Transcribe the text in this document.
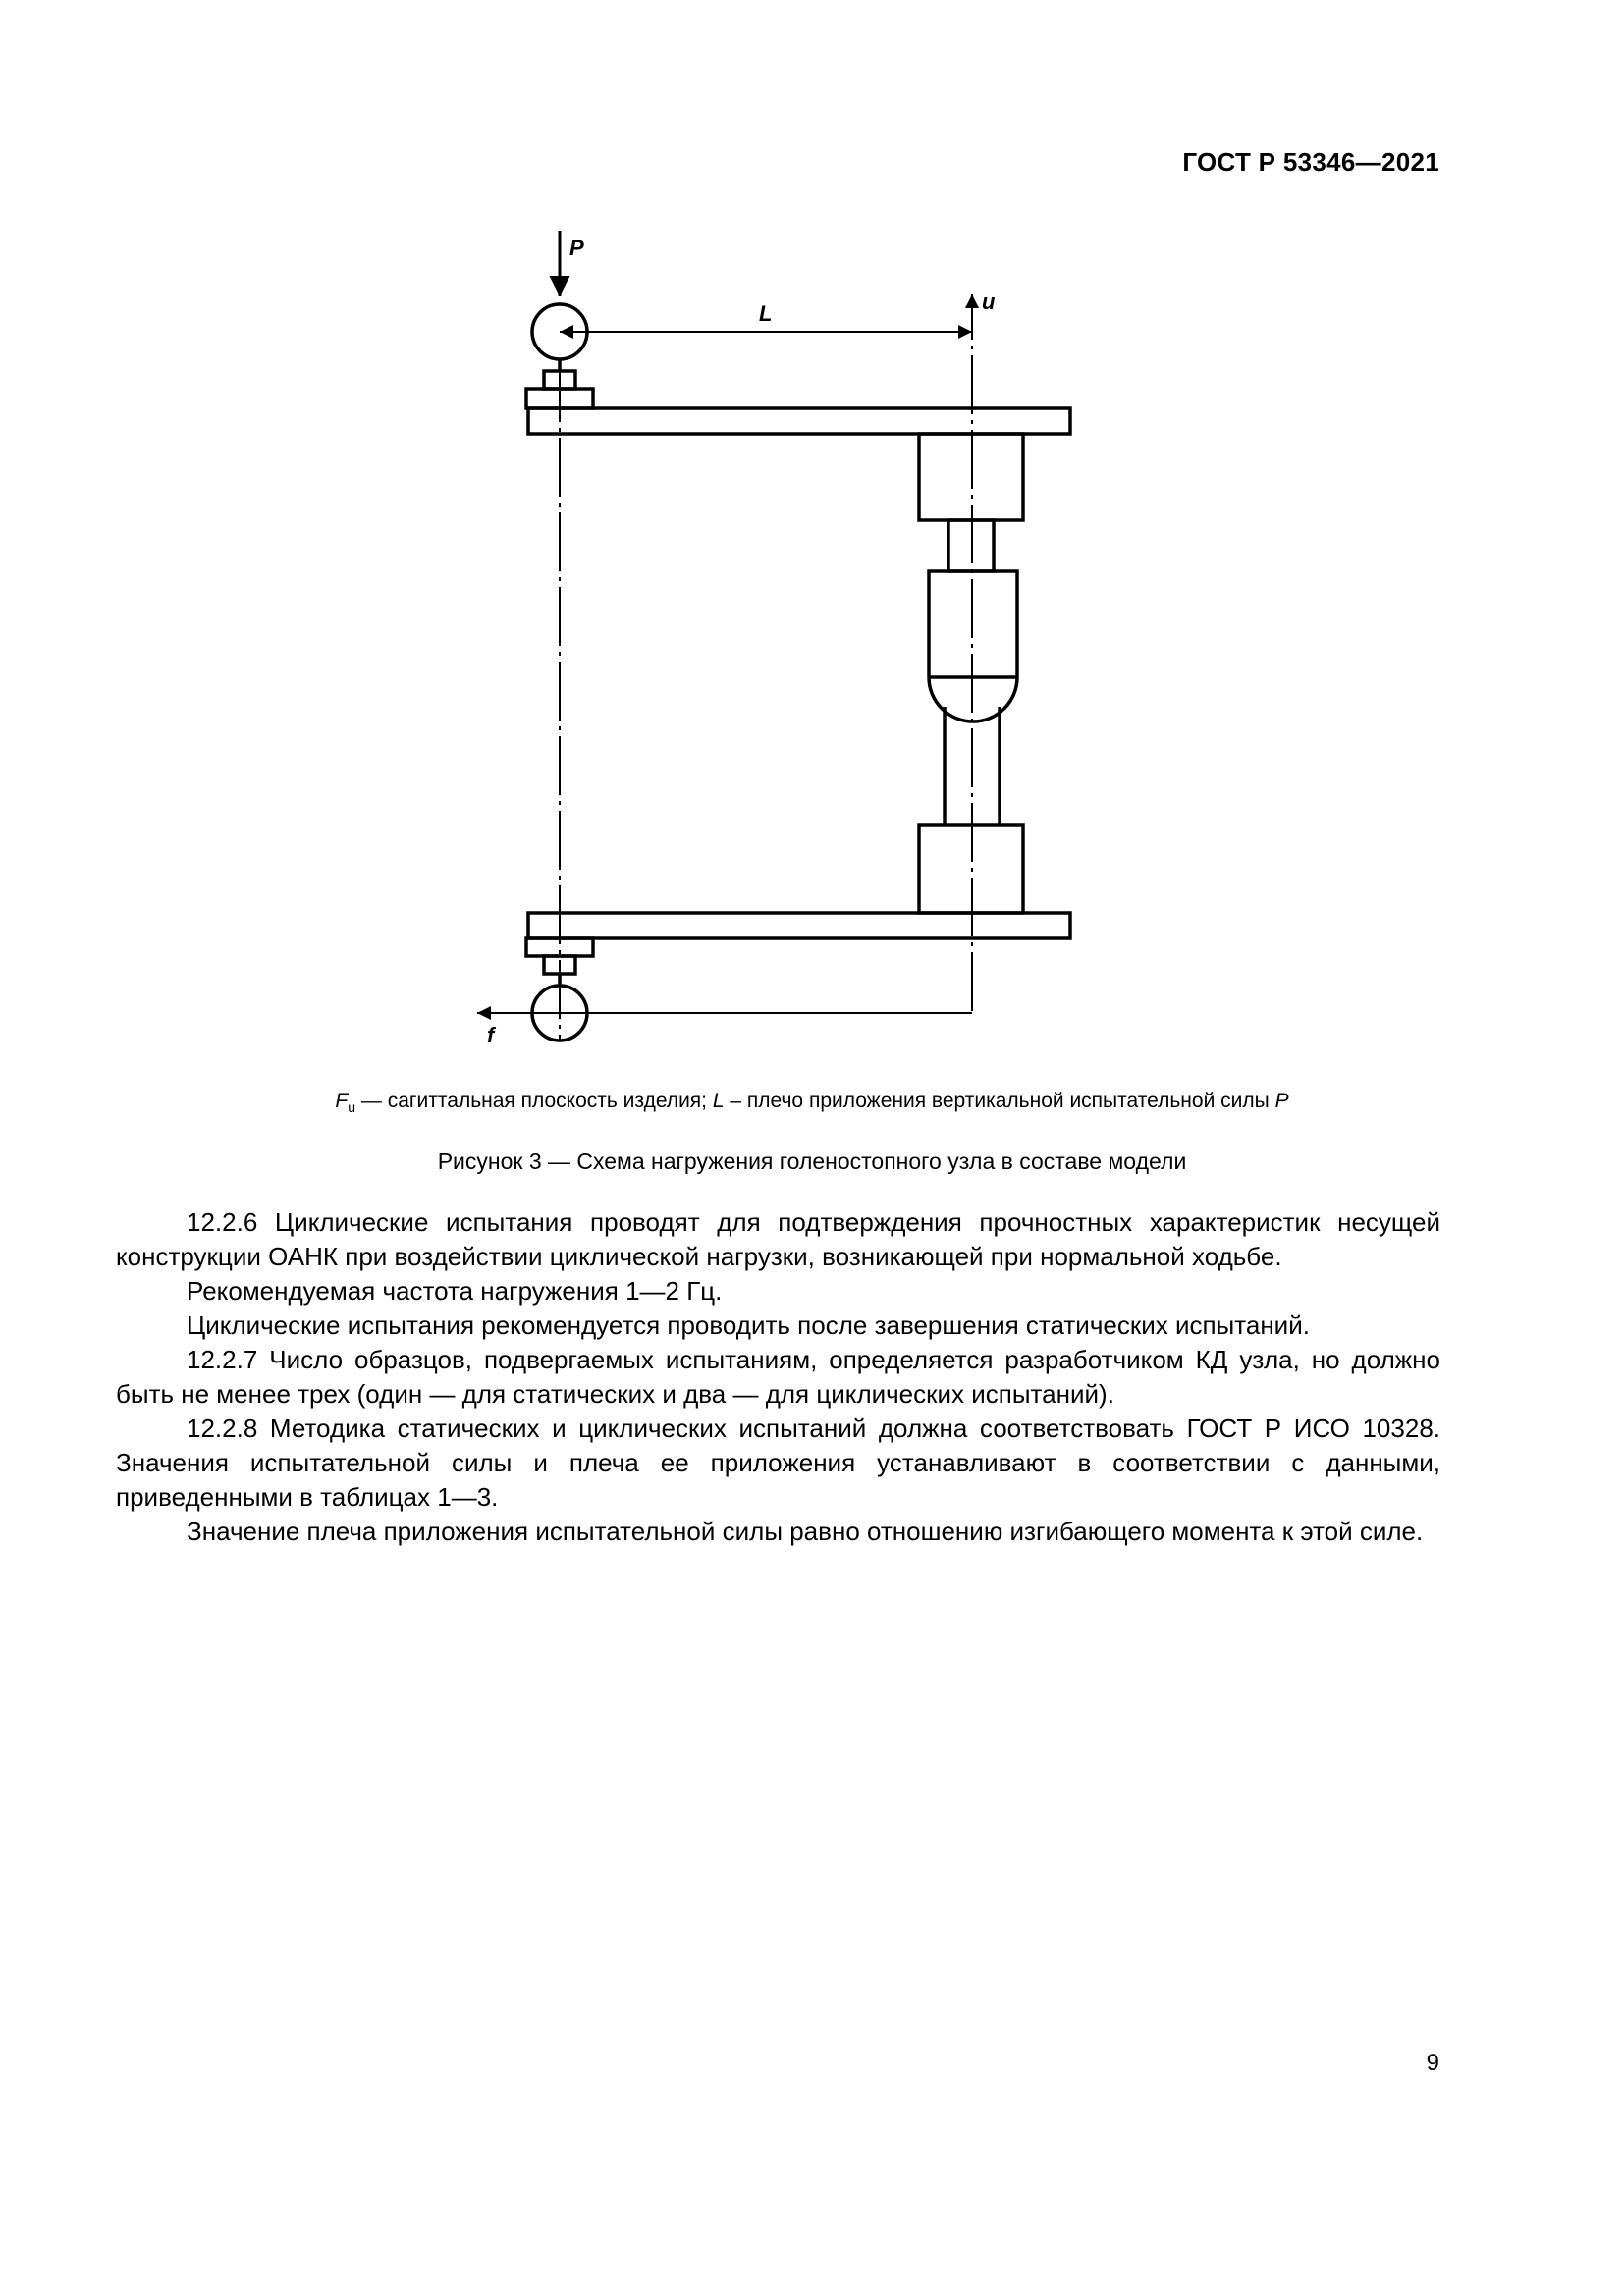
ГОСТ Р 53346—2021
P
L	u
f
$F_u$ — сагиттальная плоскость изделия; L – плечо приложения вертикальной испытательной силы P
Рисунок 3 — Схема нагружения голеностопного узла в составе модели

12.2.6 Циклические испытания проводят для подтверждения прочностных характеристик несущей конструкции ОАНК при воздействии циклической нагрузки, возникающей при нормальной ходьбе.

Рекомендуемая частота нагружения 1—2 Гц.

Циклические испытания рекомендуется проводить после завершения статических испытаний.

12.2.7 Число образцов, подвергаемых испытаниям, определяется разработчиком КД узла, но должно быть не менее трех (один — для статических и два — для циклических испытаний).

12.2.8 Методика статических и циклических испытаний должна соответствовать ГОСТ Р ИСО 10328. Значения испытательной силы и плеча ее приложения устанавливают в соответствии с данными, приведенными в таблицах 1—3.

Значение плеча приложения испытательной силы равно отношению изгибающего момента к этой силе.

9
